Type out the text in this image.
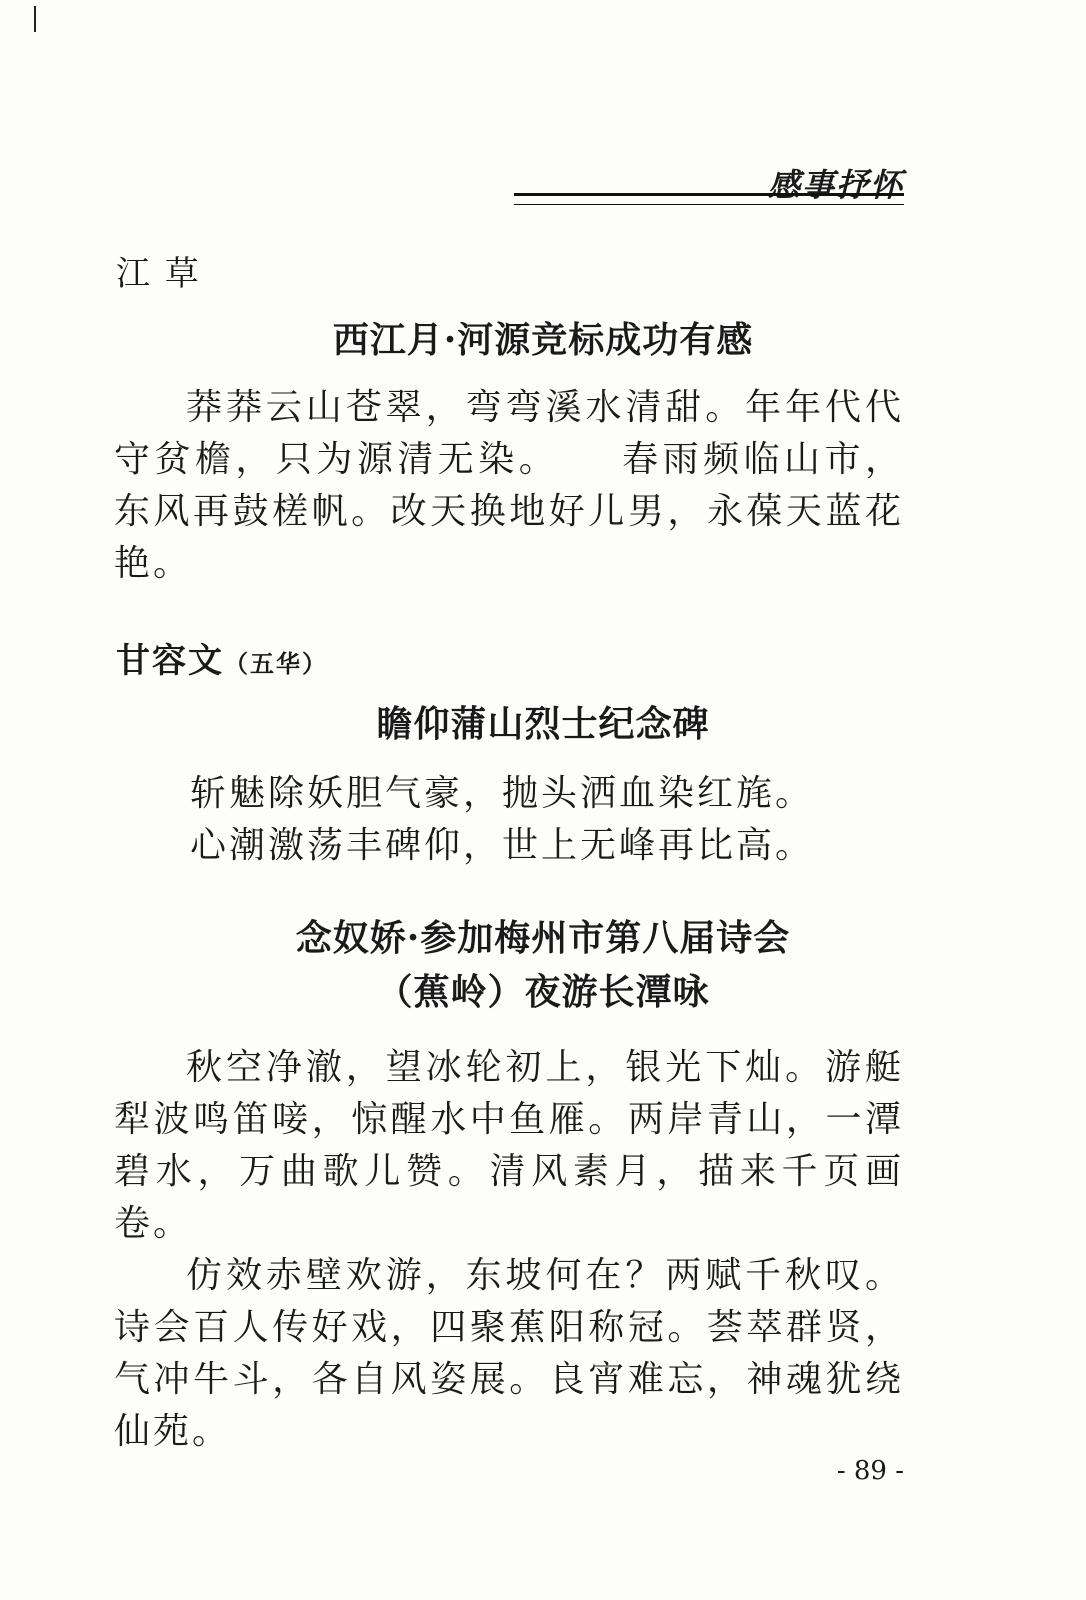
感事抒怀
江 草
西江月·河源竞标成功有感

莽莽云山苍翠，弯弯溪水清甜。年年代代守贫檐，只为源清无染。　　春雨频临山市，东风再鼓槎帆。改天换地好儿男，永葆天蓝花艳。

甘容文（五华）
瞻仰蒲山烈士纪念碑
斩魅除妖胆气豪，抛头洒血染红旄。
心潮激荡丰碑仰，世上无峰再比高。
念奴娇·参加梅州市第八届诗会
（蕉岭）夜游长潭咏

秋空净澈，望冰轮初上，银光下灿。游艇犁波鸣笛唼，惊醒水中鱼雁。两岸青山，一潭碧水，万曲歌儿赞。清风素月，描来千页画卷。

仿效赤壁欢游，东坡何在？两赋千秋叹。诗会百人传好戏，四聚蕉阳称冠。荟萃群贤，气冲牛斗，各自风姿展。良宵难忘，神魂犹绕仙苑。

- 89 -
